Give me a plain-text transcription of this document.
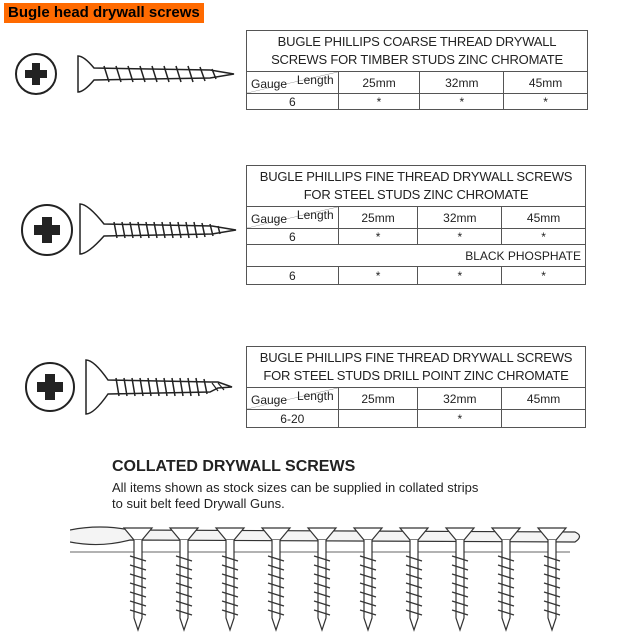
Bugle head drywall screws
BUGLE PHILLIPS COARSE THREAD DRYWALL
SCREWS FOR TIMBER STUDS ZINC CHROMATE			

Gauge Length	25mm	32mm	45mm
6	*	*	*
BUGLE PHILLIPS FINE THREAD DRYWALL SCREWS
FOR STEEL STUDS ZINC CHROMATE			

Gauge Length	25mm	32mm	45mm
6	*	*	*
BLACK PHOSPHATE			
6	*	*	*
BUGLE PHILLIPS FINE THREAD DRYWALL SCREWS
FOR STEEL STUDS DRILL POINT ZINC CHROMATE			

Gauge Length	25mm	32mm	45mm
6-20		*	
COLLATED DRYWALL SCREWS
All items shown as stock sizes can be supplied in collated strips
to suit belt feed Drywall Guns.
